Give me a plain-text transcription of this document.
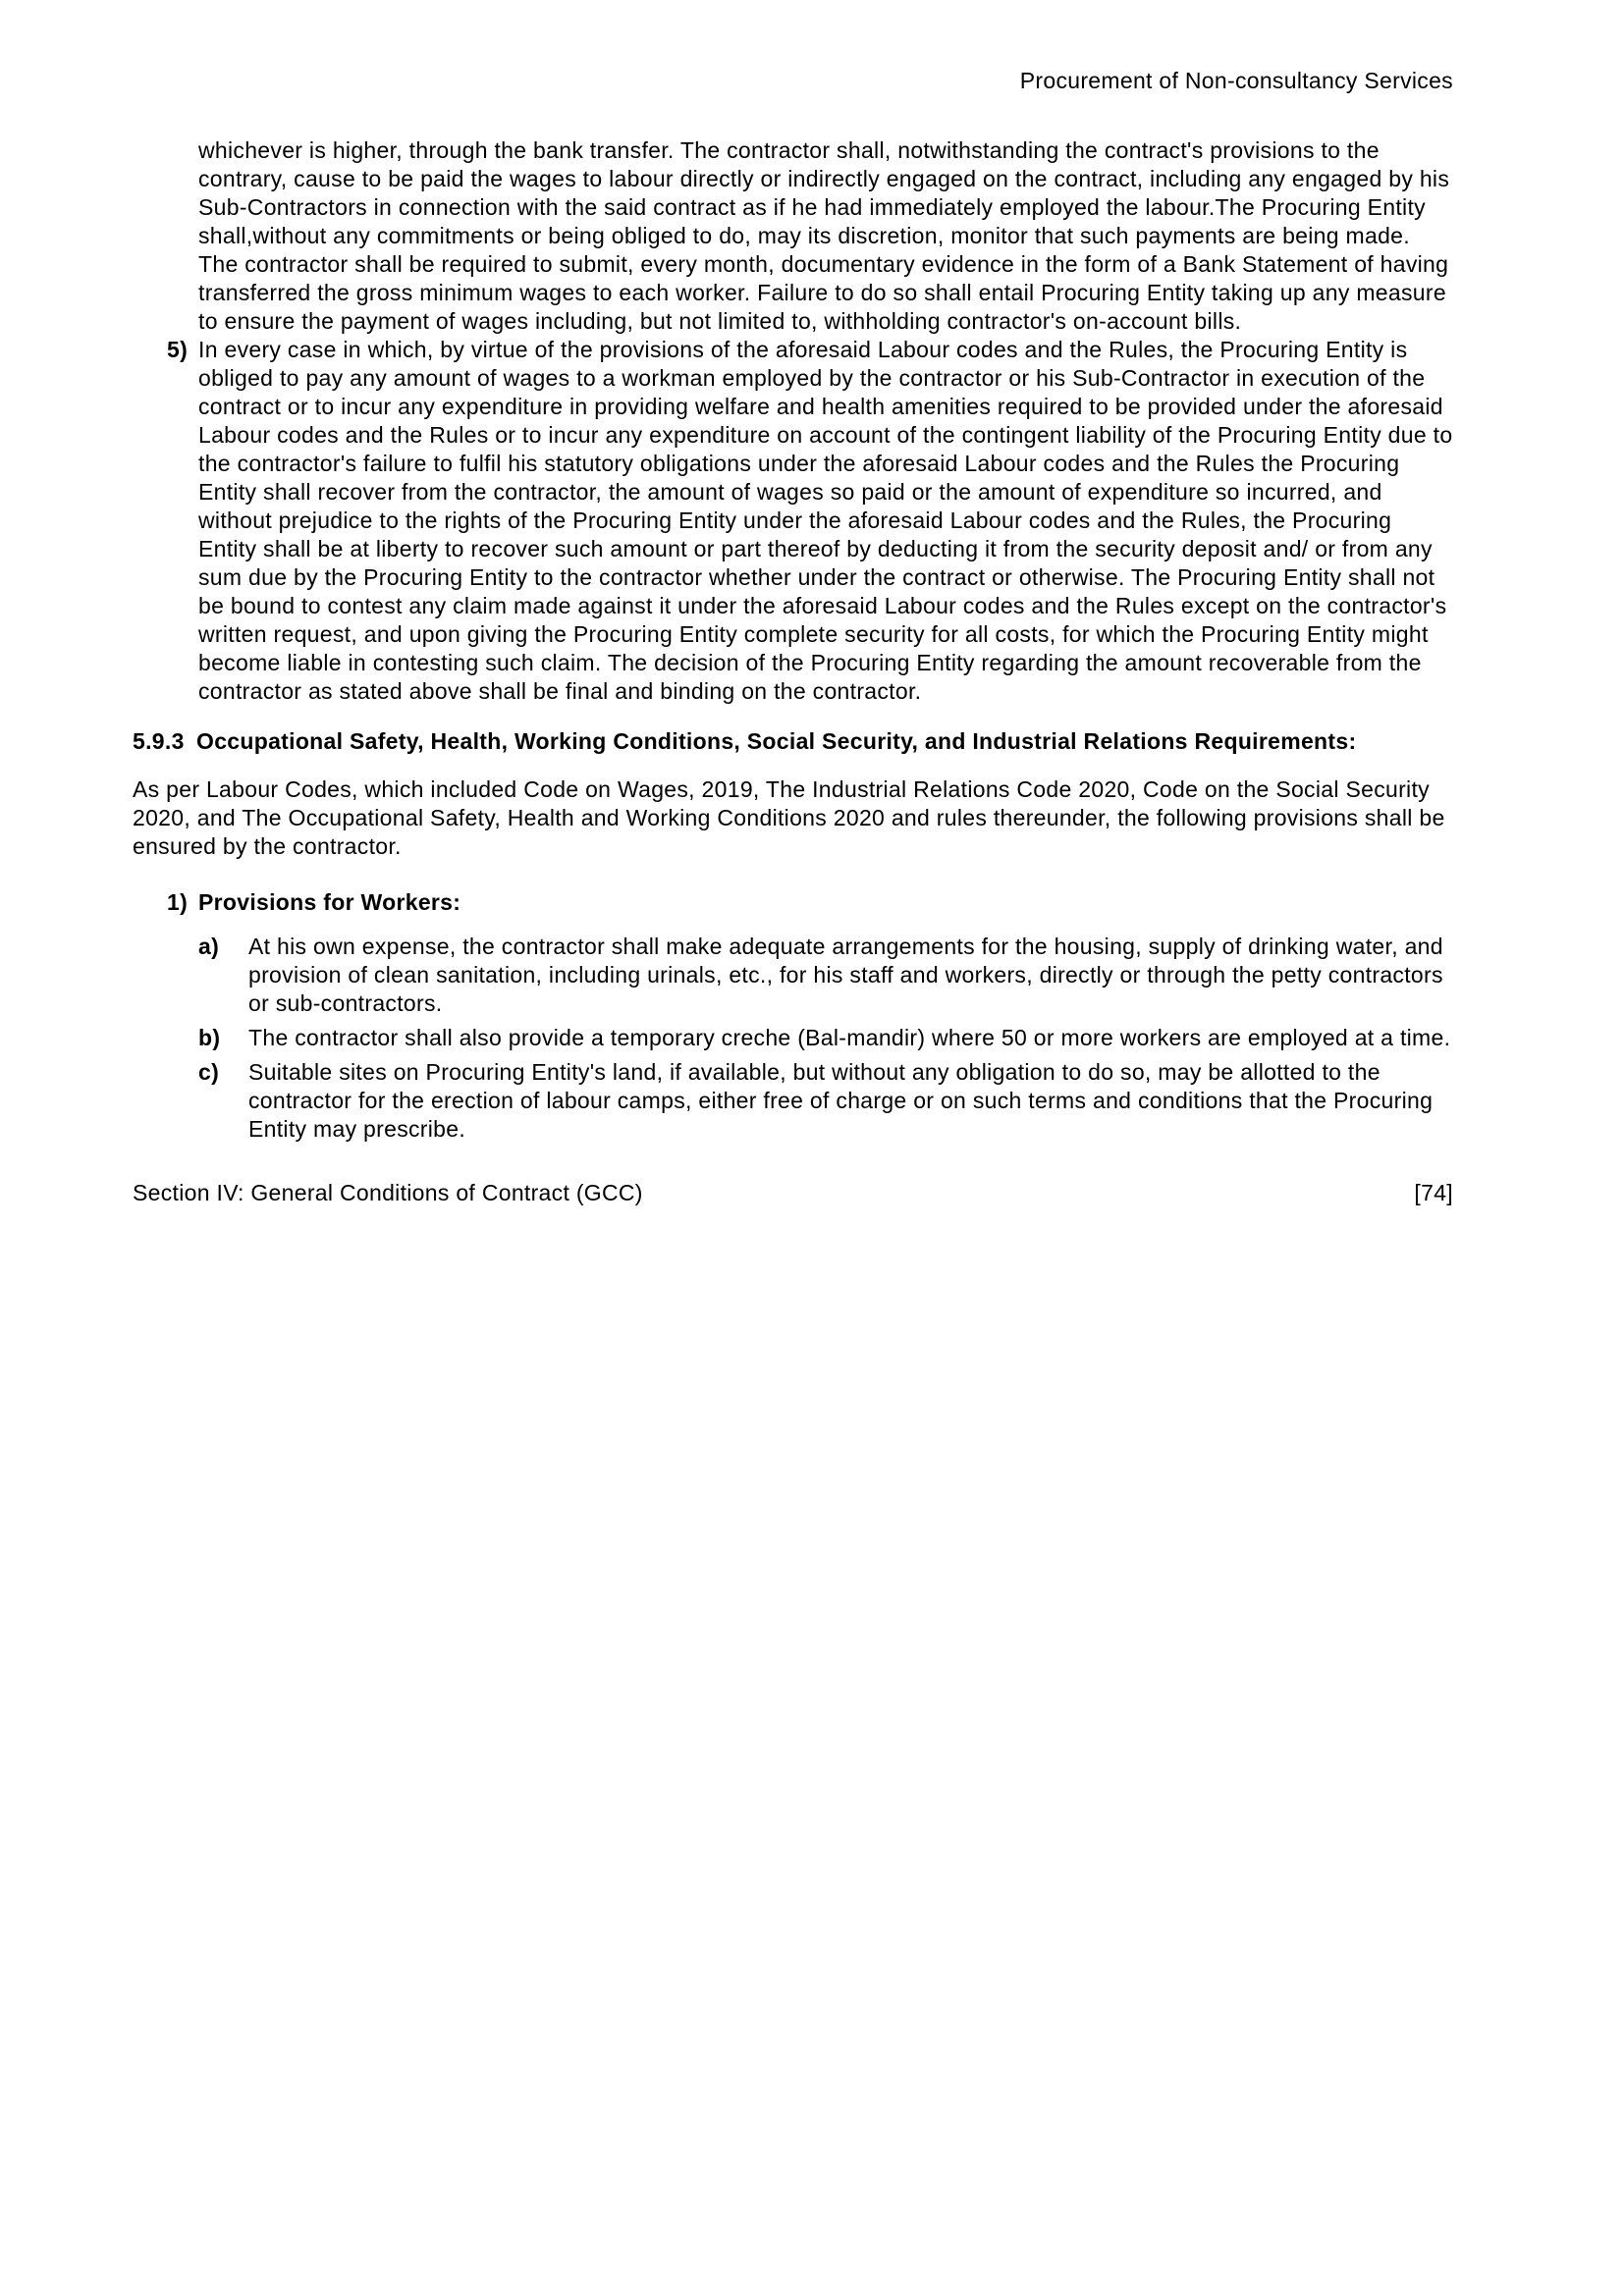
Procurement of Non-consultancy Services

whichever is higher, through the bank transfer. The contractor shall, notwithstanding the contract's provisions to the contrary, cause to be paid the wages to labour directly or indirectly engaged on the contract, including any engaged by his Sub-Contractors in connection with the said contract as if he had immediately employed the labour.The Procuring Entity shall,without any commitments or being obliged to do, may its discretion, monitor that such payments are being made. The contractor shall be required to submit, every month, documentary evidence in the form of a Bank Statement of having transferred the gross minimum wages to each worker. Failure to do so shall entail Procuring Entity taking up any measure to ensure the payment of wages including, but not limited to, withholding contractor's on-account bills.

5) In every case in which, by virtue of the provisions of the aforesaid Labour codes and the Rules, the Procuring Entity is obliged to pay any amount of wages to a workman employed by the contractor or his Sub-Contractor in execution of the contract or to incur any expenditure in providing welfare and health amenities required to be provided under the aforesaid Labour codes and the Rules or to incur any expenditure on account of the contingent liability of the Procuring Entity due to the contractor's failure to fulfil his statutory obligations under the aforesaid Labour codes and the Rules the Procuring Entity shall recover from the contractor, the amount of wages so paid or the amount of expenditure so incurred, and without prejudice to the rights of the Procuring Entity under the aforesaid Labour codes and the Rules, the Procuring Entity shall be at liberty to recover such amount or part thereof by deducting it from the security deposit and/ or from any sum due by the Procuring Entity to the contractor whether under the contract or otherwise. The Procuring Entity shall not be bound to contest any claim made against it under the aforesaid Labour codes and the Rules except on the contractor's written request, and upon giving the Procuring Entity complete security for all costs, for which the Procuring Entity might become liable in contesting such claim. The decision of the Procuring Entity regarding the amount recoverable from the contractor as stated above shall be final and binding on the contractor.

5.9.3 Occupational Safety, Health, Working Conditions, Social Security, and Industrial Relations Requirements:

As per Labour Codes, which included Code on Wages, 2019, The Industrial Relations Code 2020, Code on the Social Security 2020, and The Occupational Safety, Health and Working Conditions 2020 and rules thereunder, the following provisions shall be ensured by the contractor.

1) Provisions for Workers:

a)	At his own expense, the contractor shall make adequate arrangements for the housing, supply of drinking water, and provision of clean sanitation, including urinals, etc., for his staff and workers, directly or through the petty contractors or sub-contractors.

b)	The contractor shall also provide a temporary creche (Bal-mandir) where 50 or more workers are employed at a time.

c)	Suitable sites on Procuring Entity's land, if available, but without any obligation to do so, may be allotted to the contractor for the erection of labour camps, either free of charge or on such terms and conditions that the Procuring Entity may prescribe.

Section IV: General Conditions of Contract (GCC)	[74]
